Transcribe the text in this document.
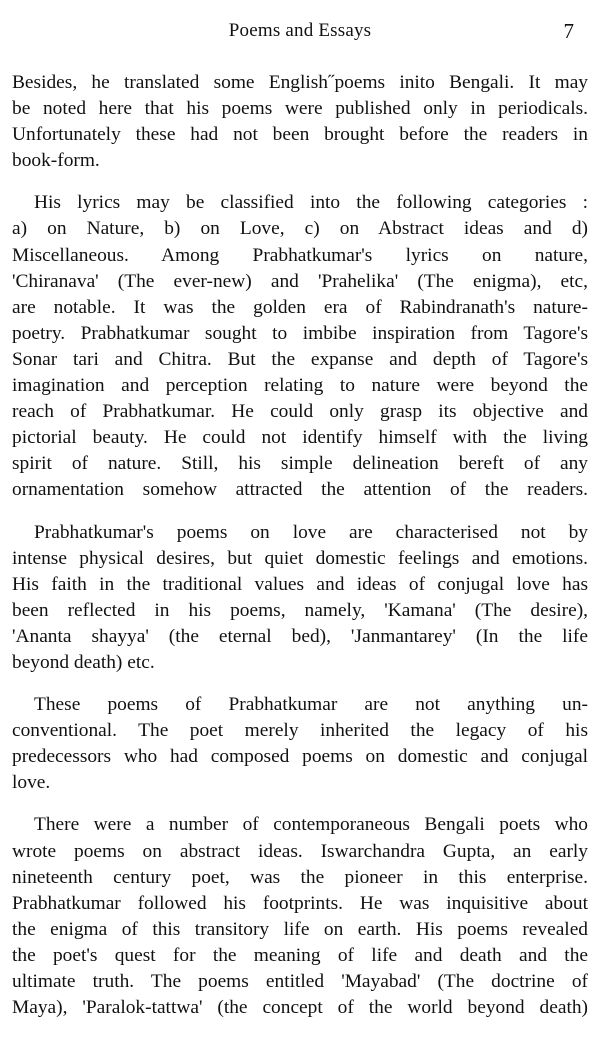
Poems and Essays	7

Besides, he translated some English˝poems inito Bengali. It may
be noted here that his poems were published only in periodicals.
Unfortunately these had not been brought before the readers in
book-form.

His lyrics may be classified into the following categories :
a) on Nature, b) on Love, c) on Abstract ideas and d)
Miscellaneous. Among Prabhatkumar's lyrics on nature,
'Chiranava' (The ever-new) and 'Prahelika' (The enigma), etc,
are notable. It was the golden era of Rabindranath's nature-
poetry. Prabhatkumar sought to imbibe inspiration from Tagore's
Sonar tari and Chitra. But the expanse and depth of Tagore's
imagination and perception relating to nature were beyond the
reach of Prabhatkumar. He could only grasp its objective and
pictorial beauty. He could not identify himself with the living
spirit of nature. Still, his simple delineation bereft of any
ornamentation somehow attracted the attention of the readers.

Prabhatkumar's poems on love are characterised not by
intense physical desires, but quiet domestic feelings and emotions.
His faith in the traditional values and ideas of conjugal love has
been reflected in his poems, namely, 'Kamana' (The desire),
'Ananta shayya' (the eternal bed), 'Janmantarey' (In the life
beyond death) etc.

These poems of Prabhatkumar are not anything un-
conventional. The poet merely inherited the legacy of his
predecessors who had composed poems on domestic and conjugal
love.

There were a number of contemporaneous Bengali poets who
wrote poems on abstract ideas. Iswarchandra Gupta, an early
nineteenth century poet, was the pioneer in this enterprise.
Prabhatkumar followed his footprints. He was inquisitive about
the enigma of this transitory life on earth. His poems revealed
the poet's quest for the meaning of life and death and the
ultimate truth. The poems entitled 'Mayabad' (The doctrine of
Maya), 'Paralok-tattwa' (the concept of the world beyond death)
